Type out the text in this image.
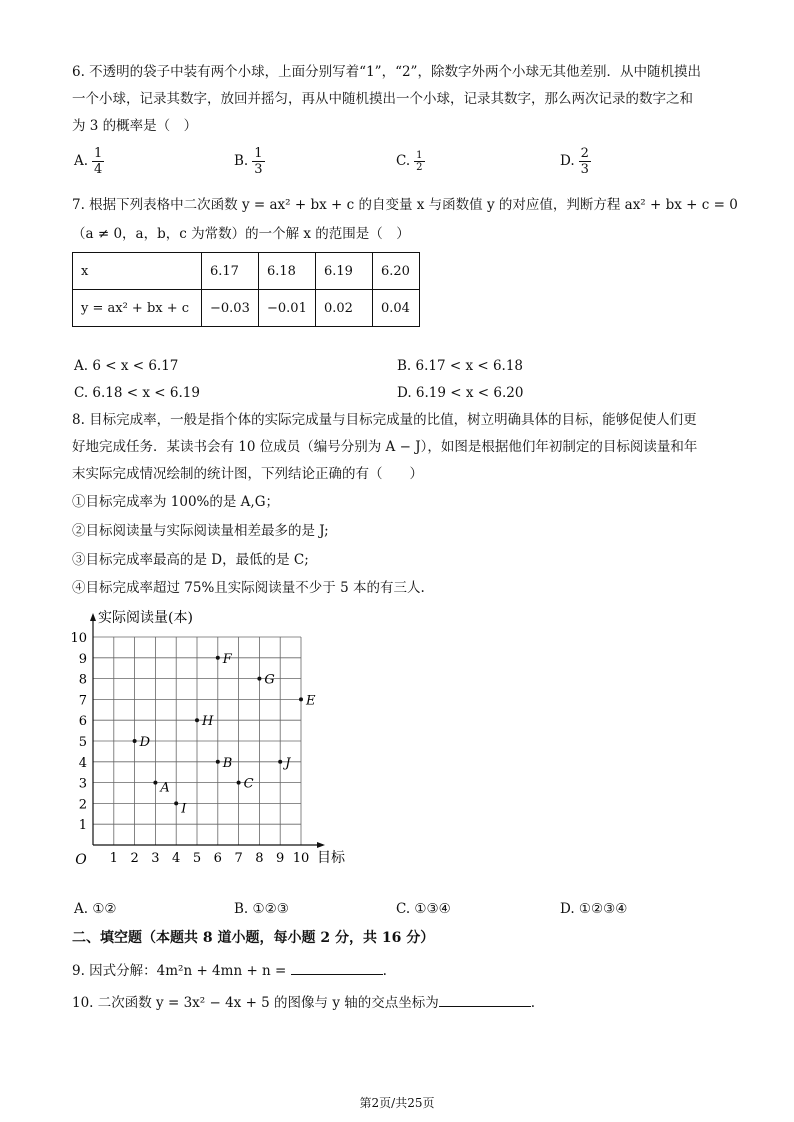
6. 不透明的袋子中装有两个小球，上面分别写着“1”，“2”，除数字外两个小球无其他差别．从中随机摸出
一个小球，记录其数字，放回并摇匀，再从中随机摸出一个小球，记录其数字，那么两次记录的数字之和
为 3 的概率是（　）
A. $\frac{1}{4}$	B. $\frac{1}{3}$	C. $\frac{1}{2}$	D. $\frac{2}{3}$
7. 根据下列表格中二次函数 y = ax² + bx + c 的自变量 x 与函数值 y 的对应值，判断方程 ax² + bx + c = 0
（a ≠ 0，a，b，c 为常数）的一个解 x 的范围是（　）
x	6.17	6.18	6.19	6.20
y = ax² + bx + c	−0.03	−0.01	0.02	0.04
A. 6 < x < 6.17	B. 6.17 < x < 6.18
C. 6.18 < x < 6.19	D. 6.19 < x < 6.20
8. 目标完成率，一般是指个体的实际完成量与目标完成量的比值，树立明确具体的目标，能够促使人们更
好地完成任务．某读书会有 10 位成员（编号分别为 A − J），如图是根据他们年初制定的目标阅读量和年
末实际完成情况绘制的统计图，下列结论正确的有（　　）
①目标完成率为 100%的是 A,G；
②目标阅读量与实际阅读量相差最多的是 J;
③目标完成率最高的是 D，最低的是 C;
④目标完成率超过 75%且实际阅读量不少于 5 本的有三人.
1 2 3 4 5 6 7 8 9 10
1
2
3
4
5
6
7
8
9
10
O
实际阅读量(本)
目标
A
B
C
D
E
F
G
H
I
J
A. ①②	B. ①②③	C. ①③④	D. ①②③④
二、填空题（本题共 8 道小题，每小题 2 分，共 16 分）
9. 因式分解：4m²n + 4mn + n =	.
10. 二次函数 y = 3x² − 4x + 5 的图像与 y 轴的交点坐标为	.
第2页/共25页
